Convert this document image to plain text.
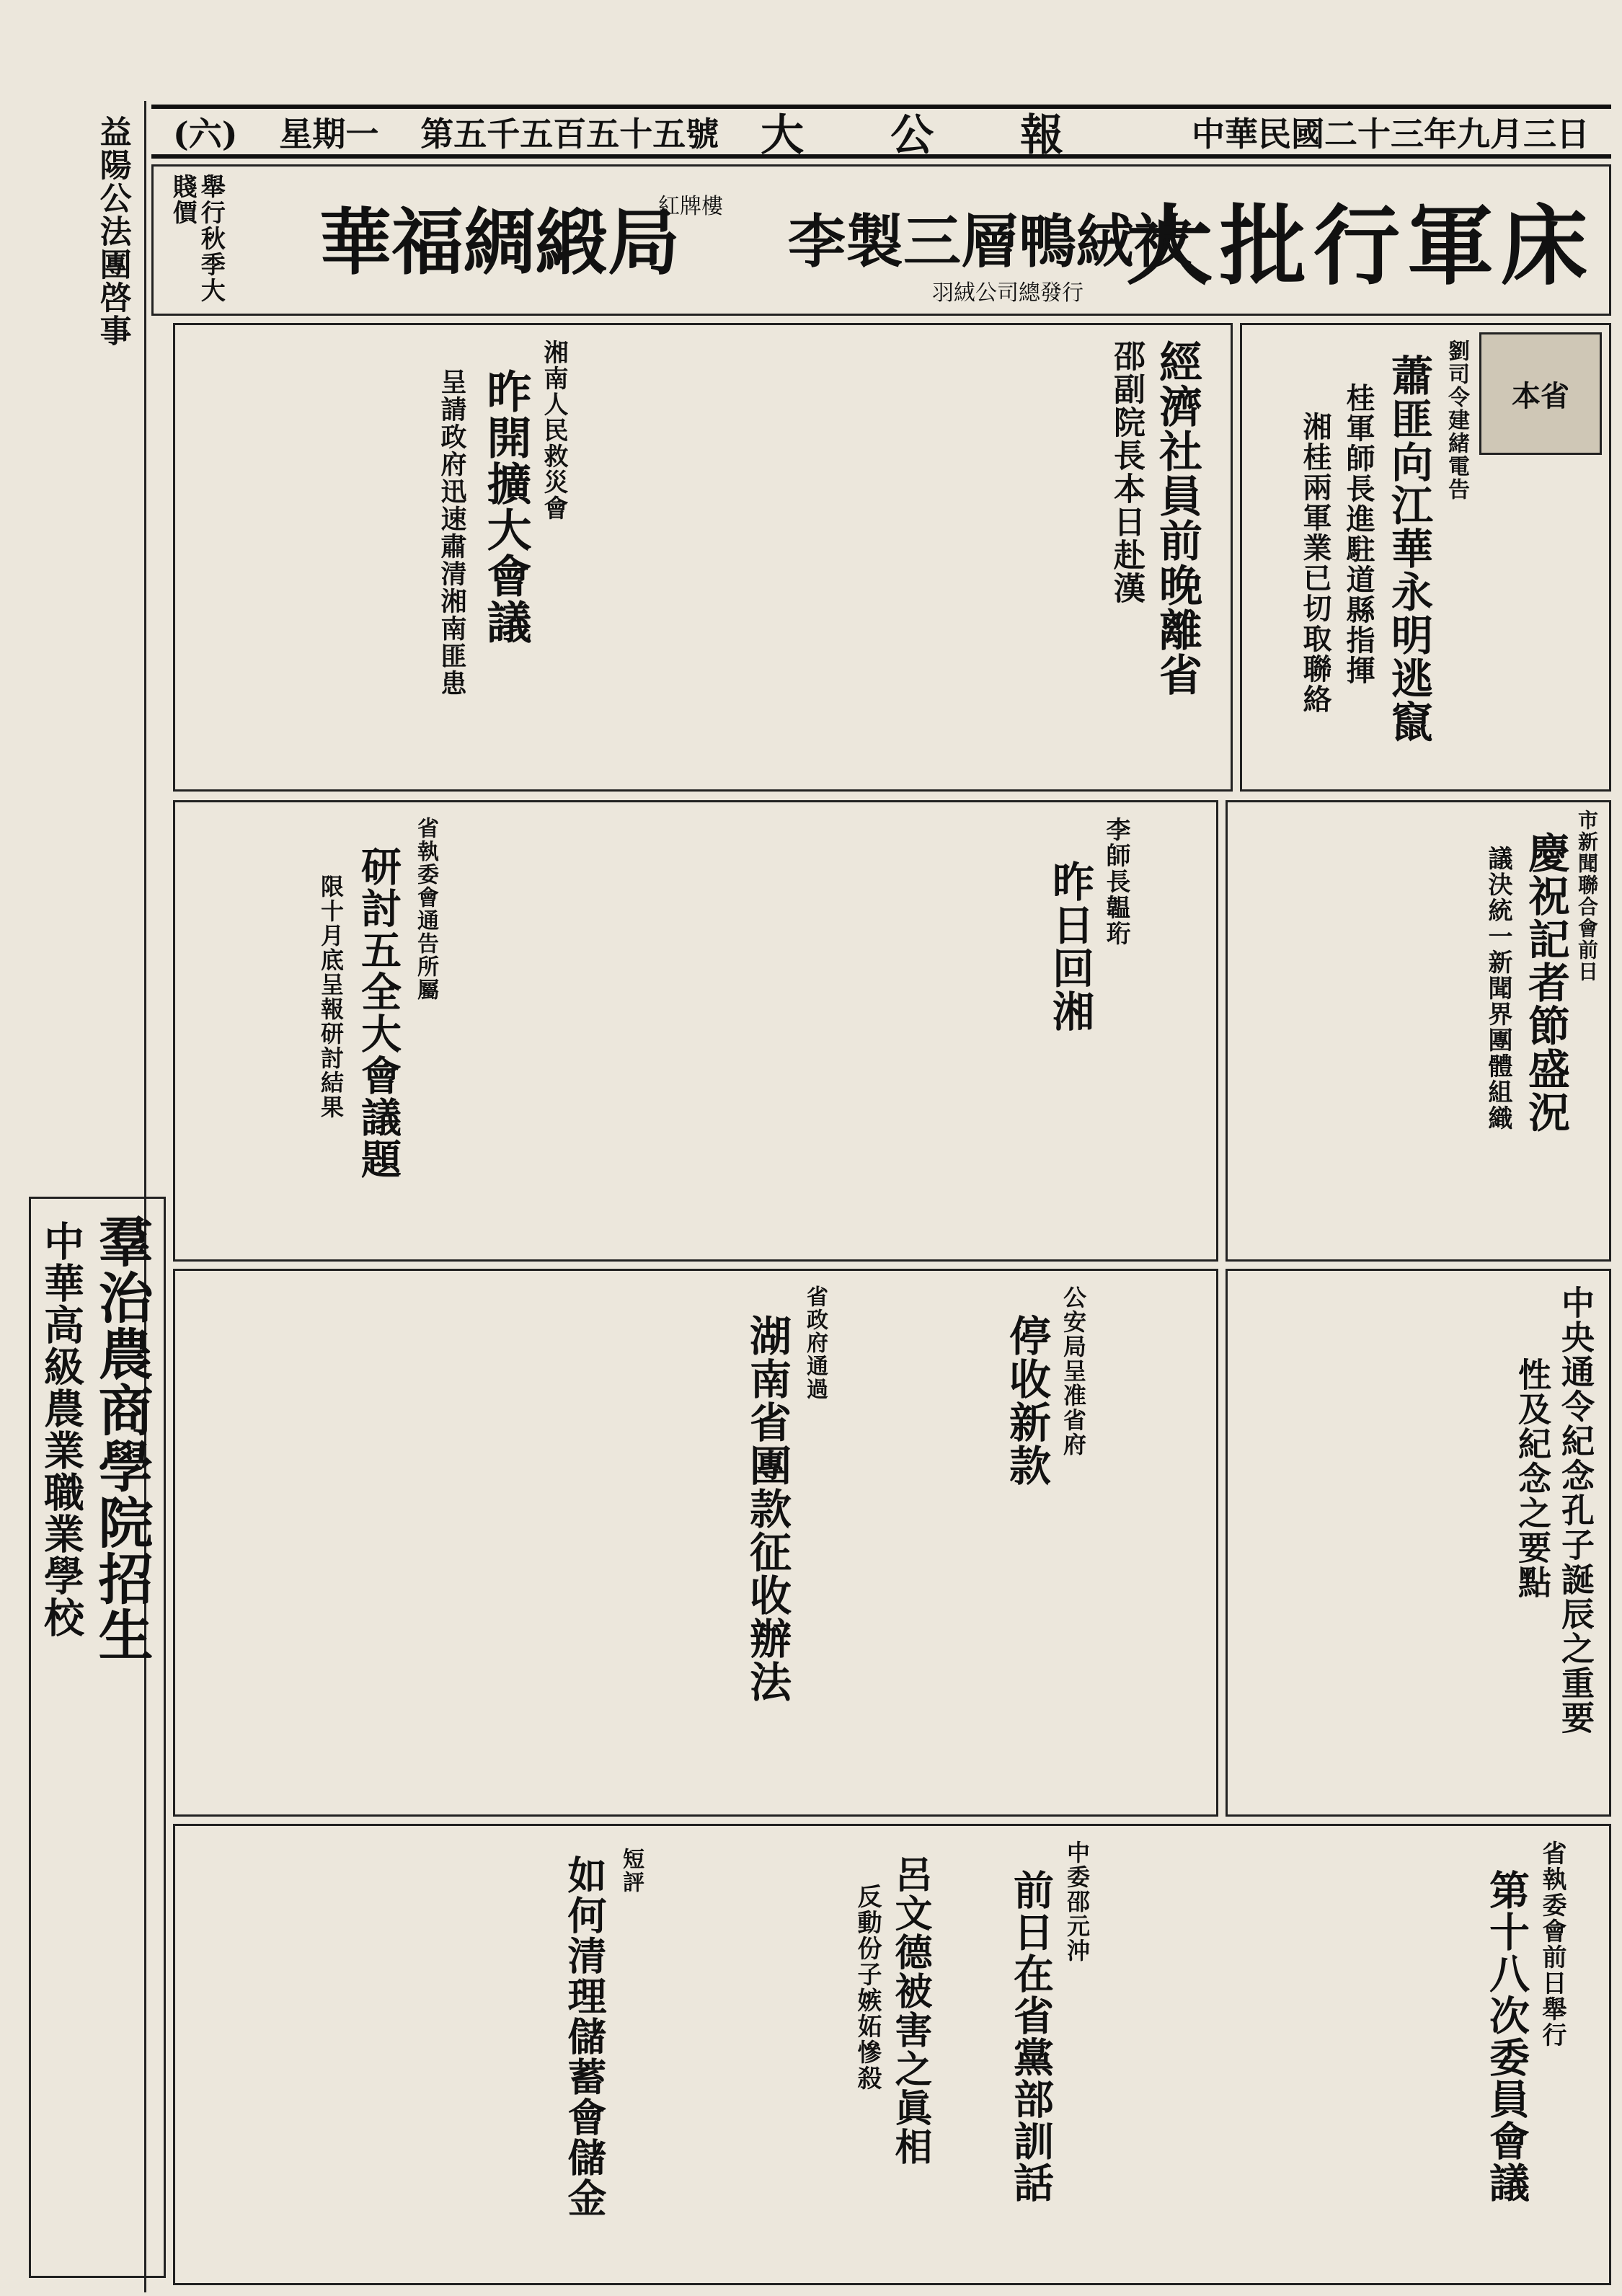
益陽公法團啓事 (六) 星期一 第五千五百五十五號 大公報 中華民國二十三年九月三日
大批行軍床
李製三層鴨絨被
羽絨公司總發行
華福綢緞局
紅牌樓
舉行秋季大賤價
本省
劉司令建緒電告
蕭匪向江華永明逃竄
桂軍師長進駐道縣指揮
湘桂兩軍業已切取聯絡
邵副院長本日赴漢 經濟社員前晚離省
湘南人民救災會
昨開擴大會議
呈請政府迅速肅清湘南匪患
市新聞聯合會前日
慶祝記者節盛況
議決統一新聞界團體組織
李師長韞珩
昨日回湘
省執委會通告所屬
研討五全大會議題
限十月底呈報研討結果
中央通令紀念孔子誕辰之重要
性及紀念之要點
羣治農商學院招生
中華高級農業職業學校	公安局呈准省府
停收新款
省政府通過
湖南省團款征收辦法
省執委會前日舉行
第十八次委員會議
中委邵元沖
前日在省黨部訓話
呂文德被害之眞相
反動份子嫉妬慘殺
短評
如何清理儲蓄會儲金
